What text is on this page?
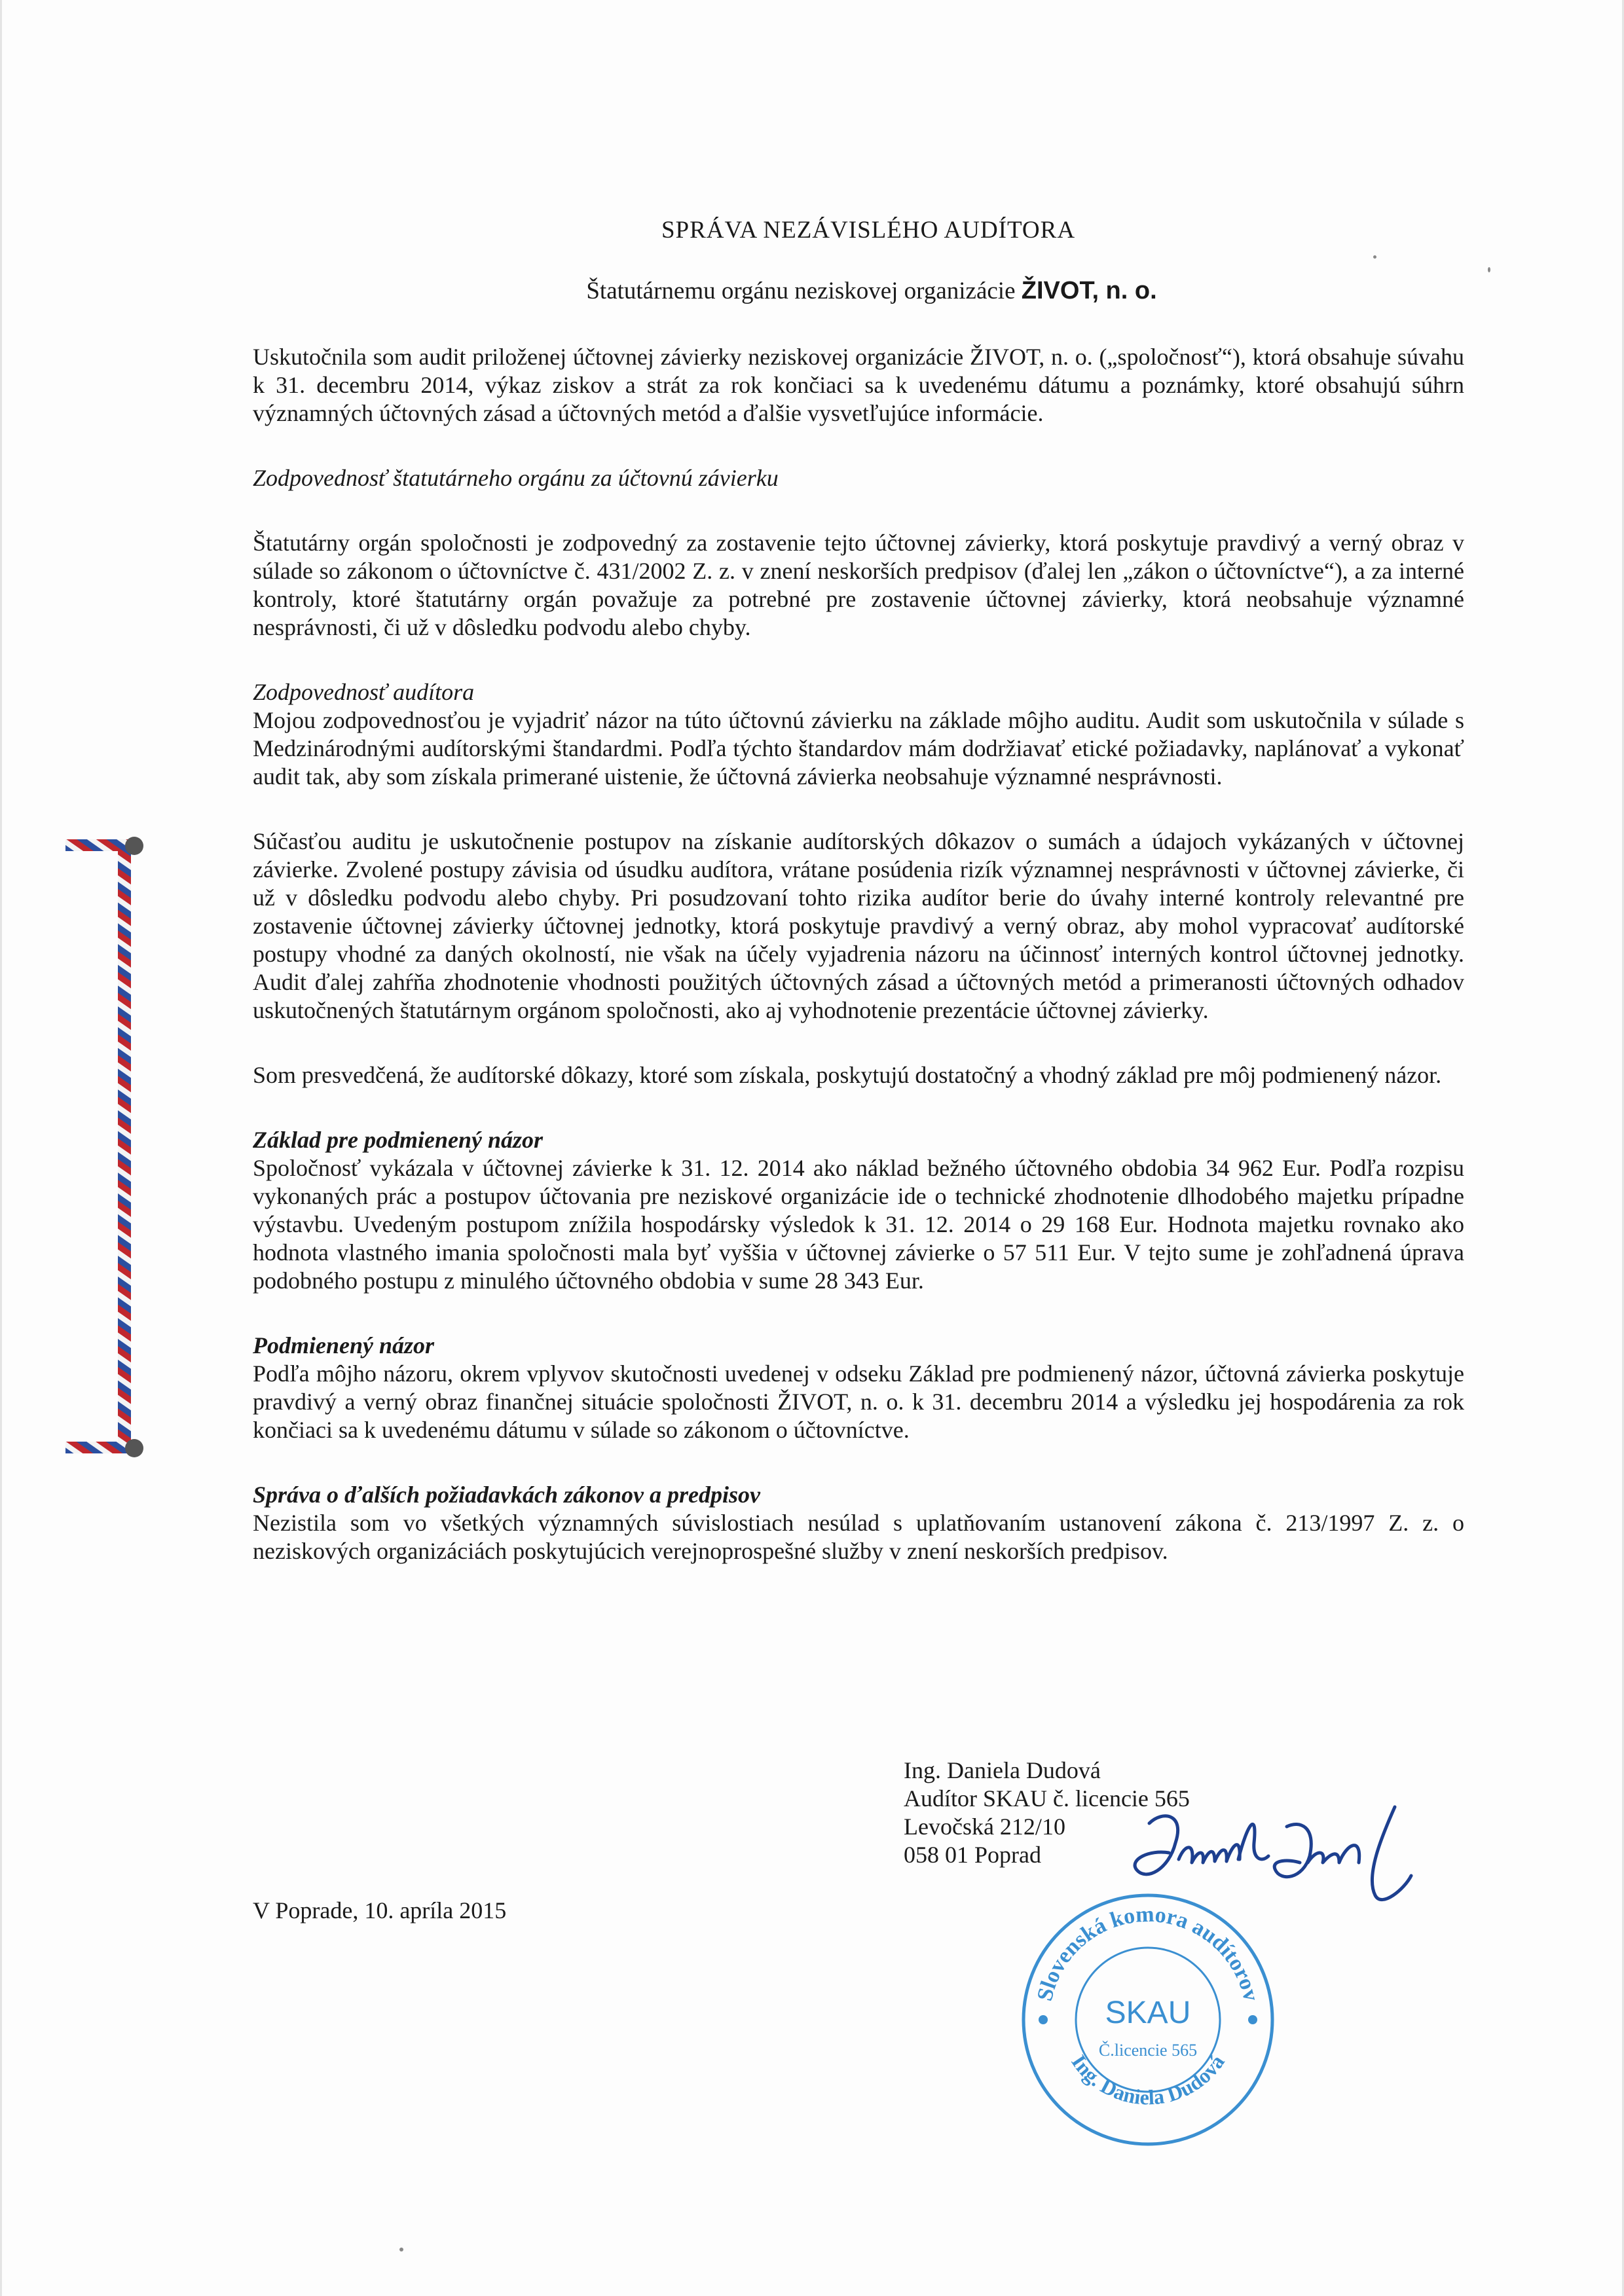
SPRÁVA NEZÁVISLÉHO AUDÍTORA
Štatutárnemu orgánu neziskovej organizácie ŽIVOT, n. o.

Uskutočnila som audit priloženej účtovnej závierky neziskovej organizácie ŽIVOT, n. o. („spoločnosť“), ktorá obsahuje súvahu k 31. decembru 2014, výkaz ziskov a strát za rok končiaci sa k uvedenému dátumu a poznámky, ktoré obsahujú súhrn významných účtovných zásad a účtovných metód a ďalšie vysvetľujúce informácie.

Zodpovednosť štatutárneho orgánu za účtovnú závierku

Štatutárny orgán spoločnosti je zodpovedný za zostavenie tejto účtovnej závierky, ktorá poskytuje pravdivý a verný obraz v súlade so zákonom o účtovníctve č. 431/2002 Z. z. v znení neskorších predpisov (ďalej len „zákon o účtovníctve“), a za interné kontroly, ktoré štatutárny orgán považuje za potrebné pre zostavenie účtovnej závierky, ktorá neobsahuje významné nesprávnosti, či už v dôsledku podvodu alebo chyby.

Zodpovednosť audítora

Mojou zodpovednosťou je vyjadriť názor na túto účtovnú závierku na základe môjho auditu. Audit som uskutočnila v súlade s Medzinárodnými audítorskými štandardmi. Podľa týchto štandardov mám dodržiavať etické požiadavky, naplánovať a vykonať audit tak, aby som získala primerané uistenie, že účtovná závierka neobsahuje významné nesprávnosti.

Súčasťou auditu je uskutočnenie postupov na získanie audítorských dôkazov o sumách a údajoch vykázaných v účtovnej závierke. Zvolené postupy závisia od úsudku audítora, vrátane posúdenia rizík významnej nesprávnosti v účtovnej závierke, či už v dôsledku podvodu alebo chyby. Pri posudzovaní tohto rizika audítor berie do úvahy interné kontroly relevantné pre zostavenie účtovnej závierky účtovnej jednotky, ktorá poskytuje pravdivý a verný obraz, aby mohol vypracovať audítorské postupy vhodné za daných okolností, nie však na účely vyjadrenia názoru na účinnosť interných kontrol účtovnej jednotky. Audit ďalej zahŕňa zhodnotenie vhodnosti použitých účtovných zásad a účtovných metód a primeranosti účtovných odhadov uskutočnených štatutárnym orgánom spoločnosti, ako aj vyhodnotenie prezentácie účtovnej závierky.

Som presvedčená, že audítorské dôkazy, ktoré som získala, poskytujú dostatočný a vhodný základ pre môj podmienený názor.

Základ pre podmienený názor

Spoločnosť vykázala v účtovnej závierke k 31. 12. 2014 ako náklad bežného účtovného obdobia 34 962 Eur. Podľa rozpisu vykonaných prác a postupov účtovania pre neziskové organizácie ide o technické zhodnotenie dlhodobého majetku prípadne výstavbu. Uvedeným postupom znížila hospodársky výsledok k 31. 12. 2014 o 29 168 Eur. Hodnota majetku rovnako ako hodnota vlastného imania spoločnosti mala byť vyššia v účtovnej závierke o 57 511 Eur. V tejto sume je zohľadnená úprava podobného postupu z minulého účtovného obdobia v sume 28 343 Eur.

Podmienený názor

Podľa môjho názoru, okrem vplyvov skutočnosti uvedenej v odseku Základ pre podmienený názor, účtovná závierka poskytuje pravdivý a verný obraz finančnej situácie spoločnosti ŽIVOT, n. o. k 31. decembru 2014 a výsledku jej hospodárenia za rok končiaci sa k uvedenému dátumu v súlade so zákonom o účtovníctve.

Správa o ďalších požiadavkách zákonov a predpisov

Nezistila som vo všetkých významných súvislostiach nesúlad s uplatňovaním ustanovení zákona č. 213/1997 Z. z. o neziskových organizáciách poskytujúcich verejnoprospešné služby v znení neskorších predpisov.

Ing. Daniela Dudová
Audítor SKAU č. licencie 565
Levočská 212/10
058 01 Poprad
V Poprade, 10. apríla 2015
Slovenská komora audítorov
Ing. Daniela Dudová
SKAU
Č.licencie 565
